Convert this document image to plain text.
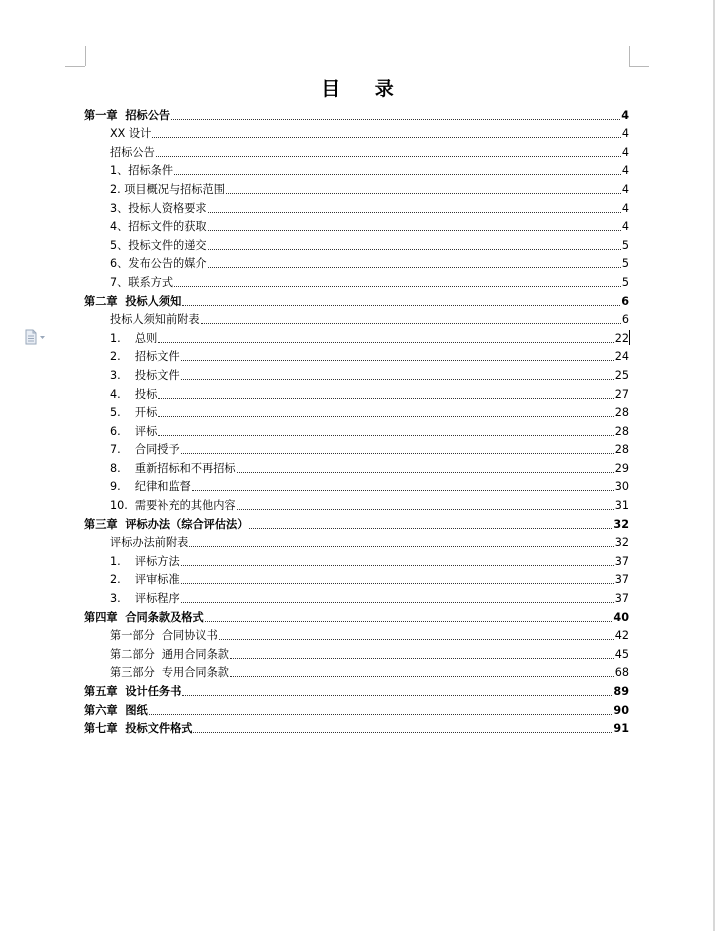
目 录
第一章  招标公告	4
XX 设计	4
招标公告	4
1、招标条件	4
2. 项目概况与招标范围	4
3、投标人资格要求	4
4、招标文件的获取	4
5、投标文件的递交	5
6、发布公告的媒介	5
7、联系方式	5
第二章  投标人须知	6
投标人须知前附表	6
1.    总则	22
2.    招标文件	24
3.    投标文件	25
4.    投标	27
5.    开标	28
6.    评标	28
7.    合同授予	28
8.    重新招标和不再招标	29
9.    纪律和监督	30
10.  需要补充的其他内容	31
第三章  评标办法（综合评估法）	32
评标办法前附表	32
1.    评标方法	37
2.    评审标准	37
3.    评标程序	37
第四章  合同条款及格式	40
第一部分  合同协议书	42
第二部分  通用合同条款	45
第三部分  专用合同条款	68
第五章  设计任务书	89
第六章  图纸	90
第七章  投标文件格式	91
